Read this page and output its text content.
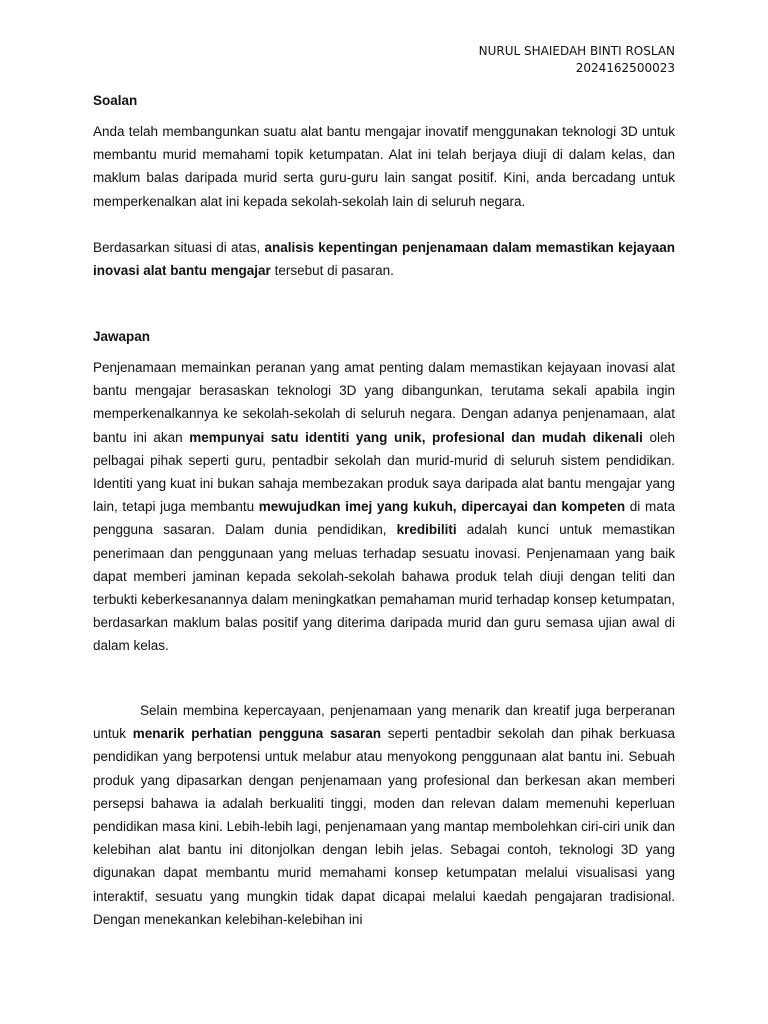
NURUL SHAIEDAH BINTI ROSLAN
2024162500023
Soalan
Anda telah membangunkan suatu alat bantu mengajar inovatif menggunakan teknologi 3D untuk membantu murid memahami topik ketumpatan. Alat ini telah berjaya diuji di dalam kelas, dan maklum balas daripada murid serta guru-guru lain sangat positif. Kini, anda bercadang untuk memperkenalkan alat ini kepada sekolah-sekolah lain di seluruh negara.
Berdasarkan situasi di atas, analisis kepentingan penjenamaan dalam memastikan kejayaan inovasi alat bantu mengajar tersebut di pasaran.
Jawapan
Penjenamaan memainkan peranan yang amat penting dalam memastikan kejayaan inovasi alat bantu mengajar berasaskan teknologi 3D yang dibangunkan, terutama sekali apabila ingin memperkenalkannya ke sekolah-sekolah di seluruh negara. Dengan adanya penjenamaan, alat bantu ini akan mempunyai satu identiti yang unik, profesional dan mudah dikenali oleh pelbagai pihak seperti guru, pentadbir sekolah dan murid-murid di seluruh sistem pendidikan. Identiti yang kuat ini bukan sahaja membezakan produk saya daripada alat bantu mengajar yang lain, tetapi juga membantu mewujudkan imej yang kukuh, dipercayai dan kompeten di mata pengguna sasaran. Dalam dunia pendidikan, kredibiliti adalah kunci untuk memastikan penerimaan dan penggunaan yang meluas terhadap sesuatu inovasi. Penjenamaan yang baik dapat memberi jaminan kepada sekolah-sekolah bahawa produk telah diuji dengan teliti dan terbukti keberkesanannya dalam meningkatkan pemahaman murid terhadap konsep ketumpatan, berdasarkan maklum balas positif yang diterima daripada murid dan guru semasa ujian awal di dalam kelas.
Selain membina kepercayaan, penjenamaan yang menarik dan kreatif juga berperanan untuk menarik perhatian pengguna sasaran seperti pentadbir sekolah dan pihak berkuasa pendidikan yang berpotensi untuk melabur atau menyokong penggunaan alat bantu ini. Sebuah produk yang dipasarkan dengan penjenamaan yang profesional dan berkesan akan memberi persepsi bahawa ia adalah berkualiti tinggi, moden dan relevan dalam memenuhi keperluan pendidikan masa kini. Lebih-lebih lagi, penjenamaan yang mantap membolehkan ciri-ciri unik dan kelebihan alat bantu ini ditonjolkan dengan lebih jelas. Sebagai contoh, teknologi 3D yang digunakan dapat membantu murid memahami konsep ketumpatan melalui visualisasi yang interaktif, sesuatu yang mungkin tidak dapat dicapai melalui kaedah pengajaran tradisional. Dengan menekankan kelebihan-kelebihan ini
